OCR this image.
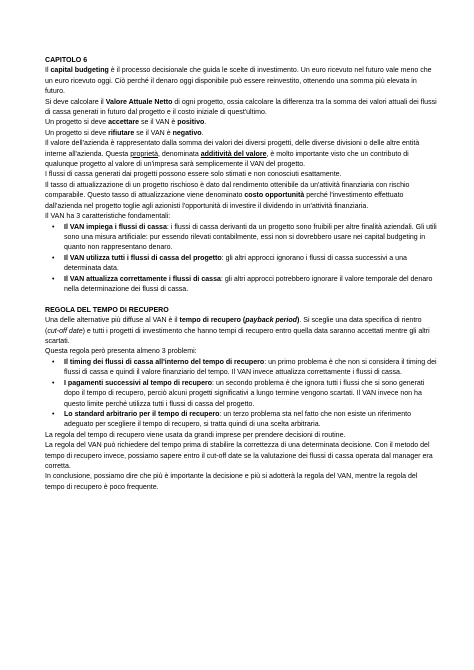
CAPITOLO 6

Il capital budgeting è il processo decisionale che guida le scelte di investimento. Un euro ricevuto nel futuro vale meno che un euro ricevuto oggi. Ciò perché il denaro oggi disponibile può essere reinvestito, ottenendo una somma più elevata in futuro.

Si deve calcolare il Valore Attuale Netto di ogni progetto, ossia calcolare la differenza tra la somma dei valori attuali dei flussi di cassa generati in futuro dal progetto e il costo iniziale di quest'ultimo.

Un progetto si deve accettare se il VAN è positivo.

Un progetto si deve rifiutare se il VAN è negativo.

Il valore dell'azienda è rappresentato dalla somma dei valori dei diversi progetti, delle diverse divisioni o delle altre entità interne all'azienda. Questa proprietà, denominata additività del valore, è molto importante visto che un contributo di qualunque progetto al valore di un'impresa sarà semplicemente il VAN del progetto.

I flussi di cassa generati dai progetti possono essere solo stimati e non conosciuti esattamente.

Il tasso di attualizzazione di un progetto rischioso è dato dal rendimento ottenibile da un'attività finanziaria con rischio comparabile. Questo tasso di attualizzazione viene denominato costo opportunità perché l'investimento effettuato dall'azienda nel progetto toglie agli azionisti l'opportunità di investire il dividendo in un'attività finanziaria.

Il VAN ha 3 caratteristiche fondamentali:

• Il VAN impiega i flussi di cassa: i flussi di cassa derivanti da un progetto sono fruibili per altre finalità aziendali. Gli utili sono una misura artificiale: pur essendo rilevati contabilmente, essi non si dovrebbero usare nei capital budgeting in quanto non rappresentano denaro.
• Il VAN utilizza tutti i flussi di cassa del progetto: gli altri approcci ignorano i flussi di cassa successivi a una determinata data.
• Il VAN attualizza correttamente i flussi di cassa: gli altri approcci potrebbero ignorare il valore temporale del denaro nella determinazione dei flussi di cassa.

REGOLA DEL TEMPO DI RECUPERO

Una delle alternative più diffuse al VAN è il tempo di recupero (payback period). Si sceglie una data specifica di rientro (cut-off date) e tutti i progetti di investimento che hanno tempi di recupero entro quella data saranno accettati mentre gli altri scartati.

Questa regola però presenta almeno 3 problemi:

• Il timing dei flussi di cassa all'interno del tempo di recupero: un primo problema è che non si considera il timing dei flussi di cassa e quindi il valore finanziario del tempo. Il VAN invece attualizza correttamente i flussi di cassa.
• I pagamenti successivi al tempo di recupero: un secondo problema è che ignora tutti i flussi che si sono generati dopo il tempo di recupero, perciò alcuni progetti significativi a lungo termine vengono scartati. Il VAN invece non ha questo limite perché utilizza tutti i flussi di cassa del progetto.
• Lo standard arbitrario per il tempo di recupero: un terzo problema sta nel fatto che non esiste un riferimento adeguato per scegliere il tempo di recupero, si tratta quindi di una scelta arbitraria.

La regola del tempo di recupero viene usata da grandi imprese per prendere decisioni di routine.

La regola del VAN può richiedere del tempo prima di stabilire la correttezza di una determinata decisione. Con il metodo del tempo di recupero invece, possiamo sapere entro il cut-off date se la valutazione dei flussi di cassa operata dal manager era corretta.

In conclusione, possiamo dire che più è importante la decisione e più si adotterà la regola del VAN, mentre la regola del tempo di recupero è poco frequente.
